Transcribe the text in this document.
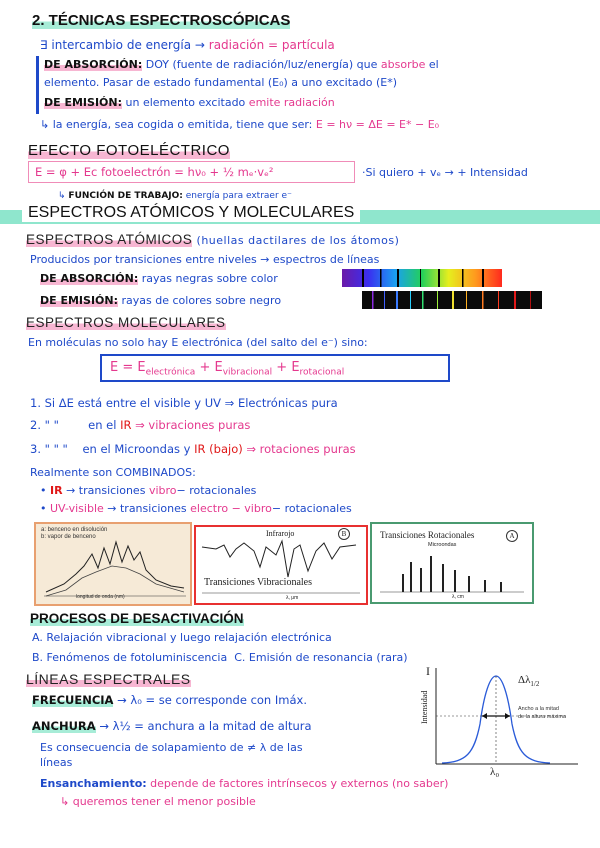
2. TÉCNICAS ESPECTROSCÓPICAS
∃ intercambio de energía → radiación = partícula
DE ABSORCIÓN: DOY (fuente de radiación/luz/energía) que absorbe el
elemento. Pasar de estado fundamental (E₀) a uno excitado (E*)
DE EMISIÓN: un elemento excitado emite radiación
↳ la energía, sea cogida o emitida, tiene que ser: E = hν = ΔE = E* − E₀
EFECTO FOTOELÉCTRICO
E = φ + Ec fotoelectrón = hν₀ + ½ mₑ·vₑ²	·Si quiero + vₑ → + Intensidad
↳ FUNCIÓN DE TRABAJO: energía para extraer e⁻
ESPECTROS ATÓMICOS Y MOLECULARES
ESPECTROS ATÓMICOS (huellas dactilares de los átomos)
Producidos por transiciones entre niveles → espectros de líneas
DE ABSORCIÓN: rayas negras sobre color
DE EMISIÓN: rayas de colores sobre negro
ESPECTROS MOLECULARES
En moléculas no solo hay E electrónica (del salto del e⁻) sino:
$E = E_{electrónica} + E_{vibracional} + E_{rotacional}$
1. Si ΔE está entre el visible y UV ⇒ Electrónicas pura
2. " "	en el IR ⇒ vibraciones puras
3. " " " en el Microondas y IR (bajo) ⇒ rotaciones puras
Realmente son COMBINADOS:
• IR → transiciones vibro− rotacionales
• UV-visible → transiciones electro − vibro− rotacionales
a: benceno en disolución
b: vapor de benceno
longitud de onda (nm)
Infrarojo	B
Transiciones Vibracionales
λ, μm
Transiciones Rotacionales
Microondas
A
λ, cm
PROCESOS DE DESACTIVACIÓN
A. Relajación vibracional y luego relajación electrónica
B. Fenómenos de fotoluminiscencia C. Emisión de resonancia (rara)
LÍNEAS ESPECTRALES
FRECUENCIA → λ₀ = se corresponde con Imáx.
ANCHURA → λ½ = anchura a la mitad de altura
Es consecuencia de solapamiento de ≠ λ de las
líneas
Ensanchamiento: depende de factores intrínsecos y externos (no saber)
↳ queremos tener el menor posible
I
Intensidad
$\Delta\lambda_{1/2}$
Ancho a la mitad
de la altura máxima
λ₀
